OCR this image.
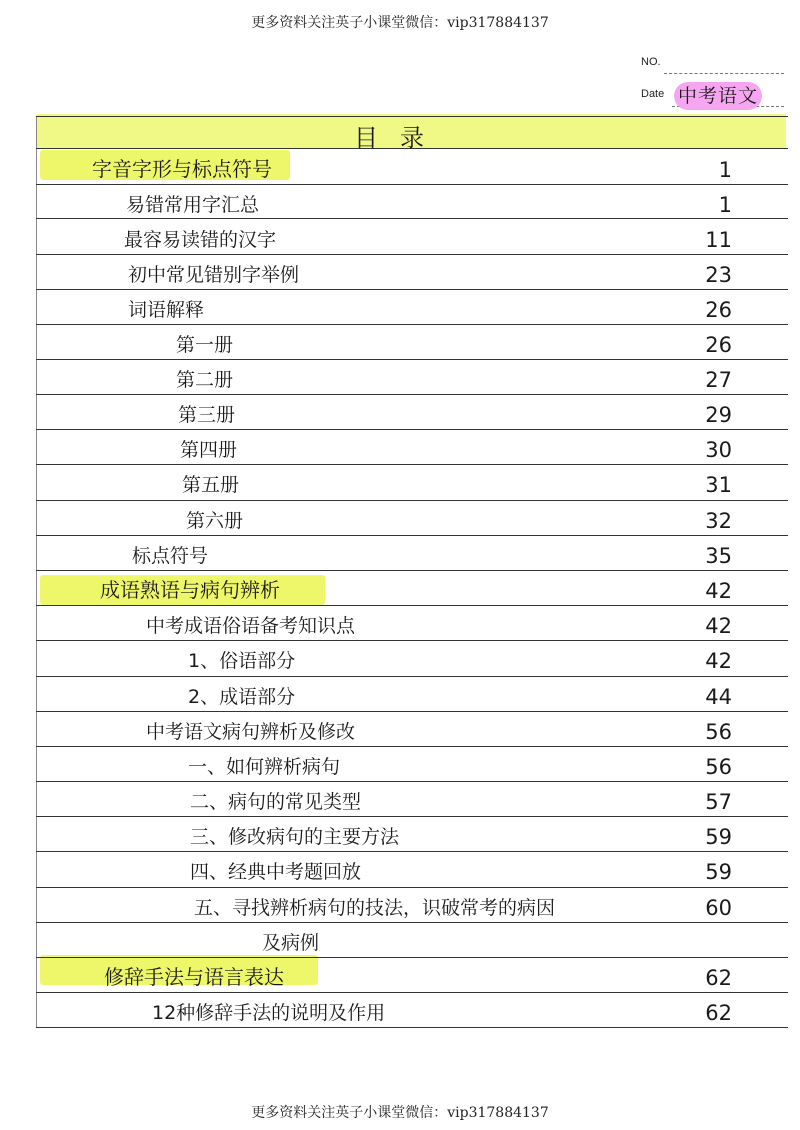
更多资料关注英子小课堂微信：vip317884137
NO.
Date 中考语文
目录
字音字形与标点符号	1
易错常用字汇总	1
最容易读错的汉字	11
初中常见错别字举例	23
词语解释	26
第一册	26
第二册	27
第三册	29
第四册	30
第五册	31
第六册	32
标点符号	35
成语熟语与病句辨析	42
中考成语俗语备考知识点	42
1、俗语部分	42
2、成语部分	44
中考语文病句辨析及修改	56
一、如何辨析病句	56
二、病句的常见类型	57
三、修改病句的主要方法	59
四、经典中考题回放	59
五、寻找辨析病句的技法，识破常考的病因	60
及病例
修辞手法与语言表达	62
12种修辞手法的说明及作用	62
更多资料关注英子小课堂微信：vip317884137
